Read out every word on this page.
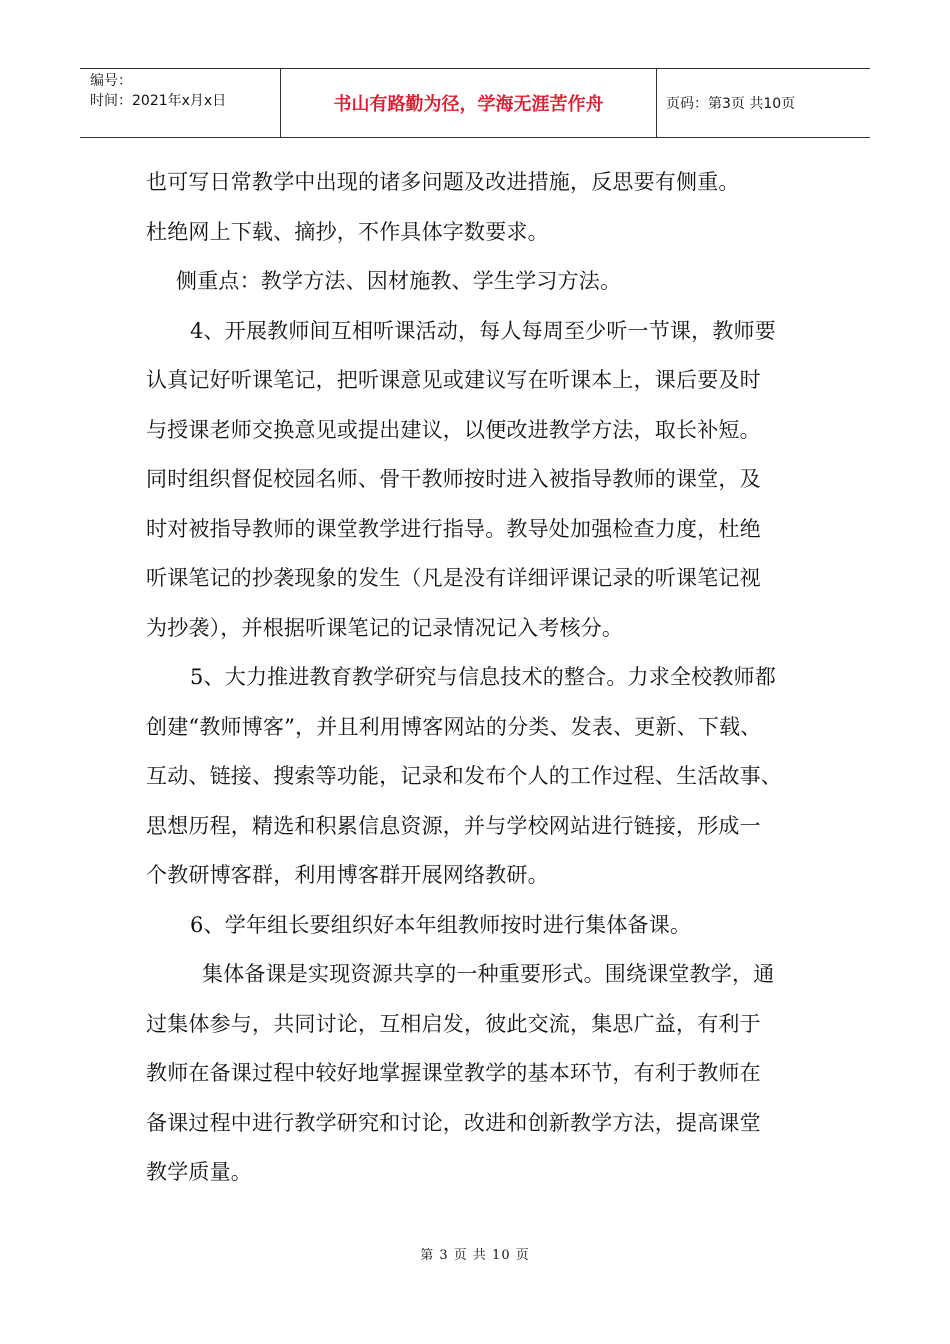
编号：
时间：2021年x月x日	书山有路勤为径，学海无涯苦作舟	页码：第3页 共10页
也可写日常教学中出现的诸多问题及改进措施，反思要有侧重。
杜绝网上下载、摘抄，不作具体字数要求。
侧重点：教学方法、因材施教、学生学习方法。
4、开展教师间互相听课活动，每人每周至少听一节课，教师要
认真记好听课笔记，把听课意见或建议写在听课本上，课后要及时
与授课老师交换意见或提出建议，以便改进教学方法，取长补短。
同时组织督促校园名师、骨干教师按时进入被指导教师的课堂，及
时对被指导教师的课堂教学进行指导。教导处加强检查力度，杜绝
听课笔记的抄袭现象的发生（凡是没有详细评课记录的听课笔记视
为抄袭），并根据听课笔记的记录情况记入考核分。
5、大力推进教育教学研究与信息技术的整合。力求全校教师都
创建“教师博客”，并且利用博客网站的分类、发表、更新、下载、
互动、链接、搜索等功能，记录和发布个人的工作过程、生活故事、
思想历程，精选和积累信息资源，并与学校网站进行链接，形成一
个教研博客群，利用博客群开展网络教研。
6、学年组长要组织好本年组教师按时进行集体备课。
集体备课是实现资源共享的一种重要形式。围绕课堂教学，通
过集体参与，共同讨论，互相启发，彼此交流，集思广益，有利于
教师在备课过程中较好地掌握课堂教学的基本环节，有利于教师在
备课过程中进行教学研究和讨论，改进和创新教学方法，提高课堂
教学质量。
第 3 页 共 10 页
